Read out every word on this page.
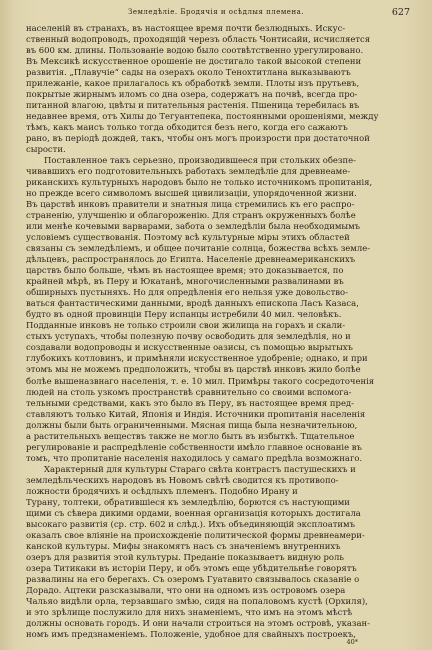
Земледѣліе. Бродячія и осѣдлыя племена.	627

населеній въ странахъ, въ настоящее время почти безлюдныхъ. Искус-
ственный водопроводъ, проходящій черезъ область Чонтисайи, исчисляется
въ 600 км. длины. Пользованіе водою было соотвѣтственно урегулировано.
Въ Мексикѣ искусственное орошеніе не достигало такой высокой степени
развитія. „Плавучіе“ сады на озерахъ около Теноxтитлана выказываютъ
прилежаніе, какое прилагалось къ обработкѣ земли. Плоты изъ прутьевъ,
покрытые жирнымъ иломъ со дна озера, содержатъ на почвѣ, всегда про-
питанной влагою, цвѣты и питательныя растенія. Пшеница теребилась въ
недавнее время, отъ Хилы до Тегуантепека, постоянными орошеніями, между
тѣмъ, какъ маисъ только тогда обходится безъ него, когда его сажаютъ
рано, въ періодѣ дождей, такъ, чтобы онъ могъ произрости при достаточной
сырости.

Поставленное такъ серьезно, производившееся при стольких обезпе-
чивавшихъ его подготовительныхъ работахъ земледѣліе для древнеаме-
риканскихъ культурныхъ народовъ было не только источникомъ пропитанія,
но прежде всего символомъ высшей цивилизаціи, упорядоченной жизни.
Въ царствѣ инковъ правители и знатныя лица стремились къ его распро-
страненію, улучшенію и облагороженію. Для странъ окруженныхъ болѣе
или менѣе кочевыми варварами, забота о земледѣліи была необходимымъ
условіемъ существованія. Поэтому всѣ культурные міры этихъ областей
связаны съ земледѣліемъ, и общее почитаніе солнца, божества всѣхъ земле-
дѣльцевъ, распространялось до Египта. Населеніе древнеамериканскихъ
царствъ было больше, чѣмъ въ настоящее время; это доказывается, по
крайней мѣрѣ, въ Перу и Юкатанѣ, многочисленными развалинами въ
обширныхъ пустыняхъ. Но для опредѣленія его нельзя уже довольство-
ваться фантастическими данными, вродѣ данныхъ епископа Ласъ Казаса,
будто въ одной провинціи Перу испанцы истребили 40 мил. человѣкъ.
Подданные инковъ не только строили свои жилища на горахъ и скали-
стыхъ уступахъ, чтобы полезную почву освободить для земледѣлія, но и
создавали водопроводы и искусственные оазисы, съ помощью вырытыхъ
глубокихъ котловинъ, и примѣняли искусственное удобреніе; однако, и при
этомъ мы не можемъ предположить, чтобы въ царствѣ инковъ жило болѣе
болѣе вышеназвнаго населенія, т. е. 10 мил. Примѣры такого сосредоточенія
людей на столь узкомъ пространствѣ сравнительно со своими вспомога-
тельными средствами, какъ это было въ Перу, въ настоящее время пред-
ставляютъ только Китай, Японія и Индія. Источники пропитанія населенія
должны были быть ограниченными. Мясная пища была незначительною,
а растительныхъ веществъ также не могло быть въ избыткѣ. Тщательное
регулированіе и распредѣленіе собственности имѣло главное основаніе въ
томъ, что пропитаніе населенія находилось у самаго предѣла возможнаго.

Характерный для культуры Стараго свѣта контрастъ пастушескихъ и
земледѣльческихъ народовъ въ Новомъ свѣтѣ сводится къ противопо-
ложности бродячихъ и осѣдлыхъ племенъ. Подобно Ирану и
Турану, толтеки, обратившіеся къ земледѣлію, борются съ настующими
щими съ сѣвера дикими ордами, военная организація которыхъ достигала
высокаго развитія (ср. стр. 602 и слѣд.). Ихъ объединяющій эксплоатимъ
оказалъ свое вліяніе на происхожденіе политической формы древнеамери-
канской культуры. Мифы знакомятъ насъ съ значеніемъ внутреннихъ
озеръ для развитія этой культуры. Преданіе показываетъ видную роль
озера Титикаки въ исторіи Перу, и объ этомъ еще убѣдительнѣе говорятъ
развалины на его берегахъ. Съ озеромъ Гуатавито связывалось сказаніе о
Дорадо. Ацтеки разсказывали, что они на одномъ изъ островомъ озера
Чальяо видѣли орла, терзавшаго змѣю, сидя на попаловомъ кустѣ (Орхиля),
и это зрѣлище послужило для нихъ знаменіемъ, что имъ на этомъ мѣстѣ
должны основать городъ. И они начали строиться на этомъ островѣ, указан-
номъ имъ предзнаменіемъ. Положеніе, удобное для свайныхъ построекъ,

40*
